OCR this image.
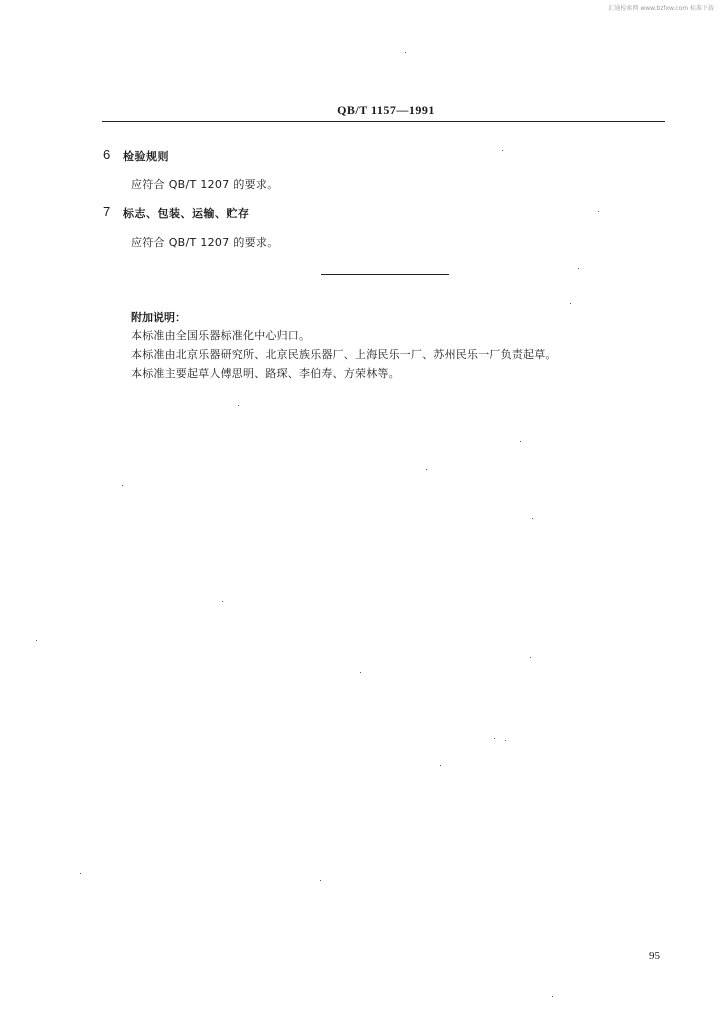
汇通检索网 www.bzfxw.com 标准下载
QB/T 1157—1991
6 检验规则
应符合 QB/T 1207 的要求。
7 标志、包装、运输、贮存
应符合 QB/T 1207 的要求。
附加说明：
本标准由全国乐器标准化中心归口。
本标准由北京乐器研究所、北京民族乐器厂、上海民乐一厂、苏州民乐一厂负责起草。
本标准主要起草人傅思明、路琛、李伯寿、方荣林等。
95
